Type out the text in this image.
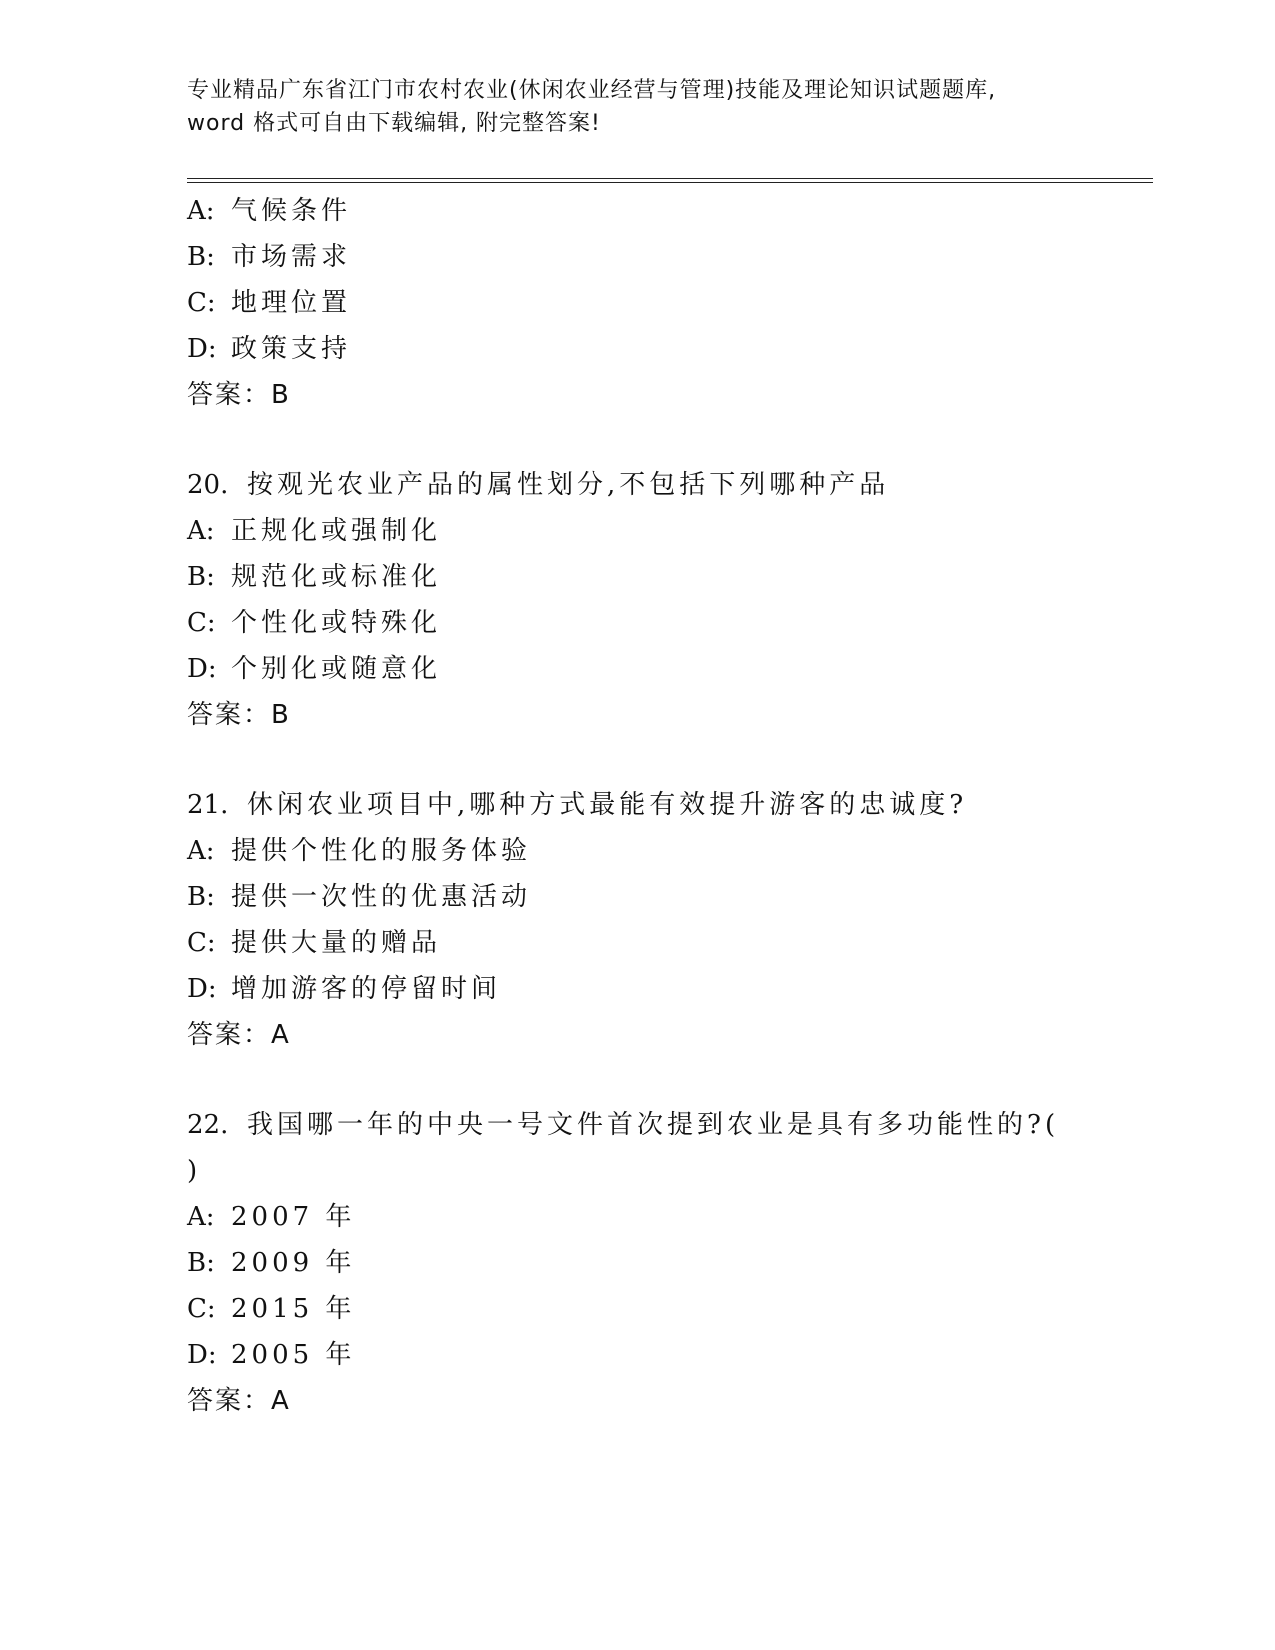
专业精品广东省江门市农村农业(休闲农业经营与管理)技能及理论知识试题题库,
word 格式可自由下载编辑, 附完整答案!
A: 气候条件
B: 市场需求
C: 地理位置
D: 政策支持
答案：B
20. 按观光农业产品的属性划分,不包括下列哪种产品
A: 正规化或强制化
B: 规范化或标准化
C: 个性化或特殊化
D: 个别化或随意化
答案：B
21. 休闲农业项目中,哪种方式最能有效提升游客的忠诚度?
A: 提供个性化的服务体验
B: 提供一次性的优惠活动
C: 提供大量的赠品
D: 增加游客的停留时间
答案：A
22. 我国哪一年的中央一号文件首次提到农业是具有多功能性的?(
)
A: 2007 年
B: 2009 年
C: 2015 年
D: 2005 年
答案：A
